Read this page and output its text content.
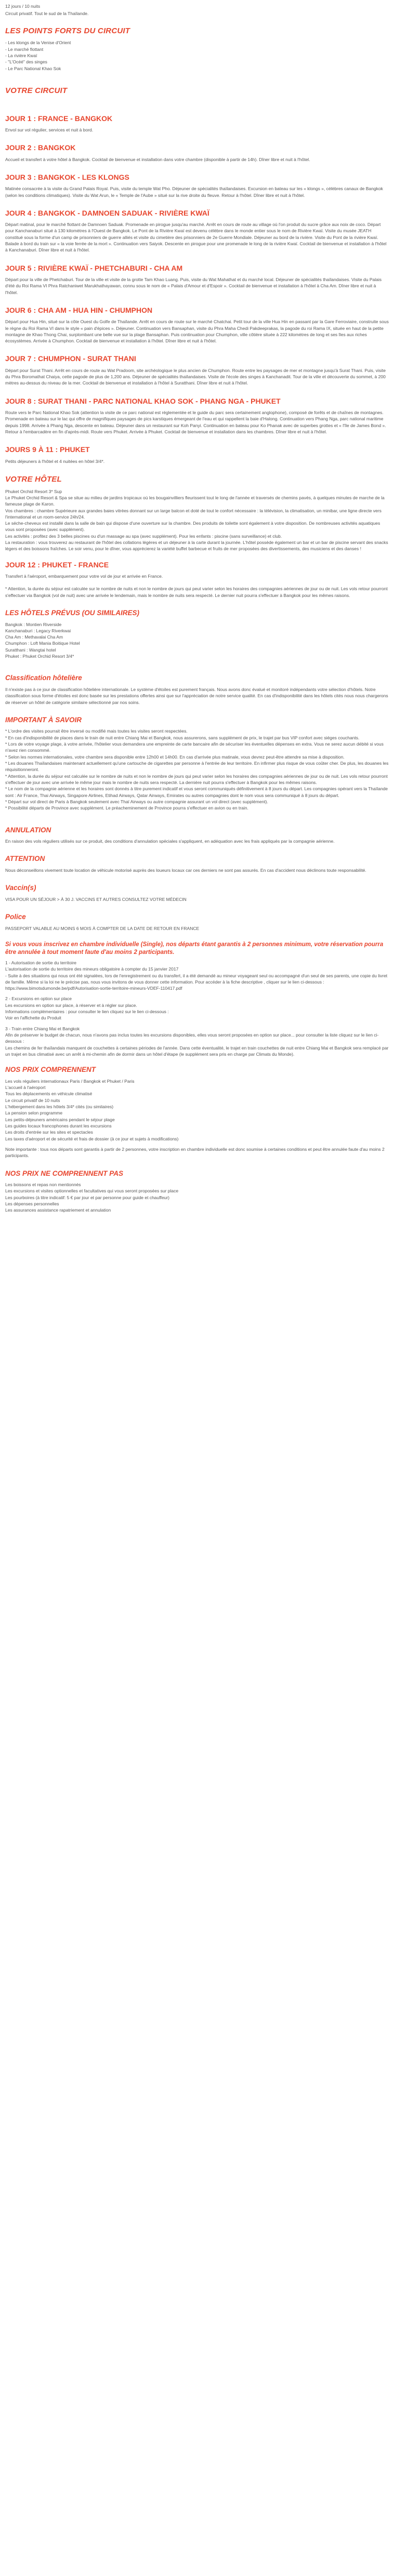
12 jours / 10 nuits

Circuit privatif. Tout le sud de la Thaïlande.

LES POINTS FORTS DU CIRCUIT

- Les klongs de la Venise d'Orient

- Le marché flottant

- La rivière Kwaï

- "L'Océé" des singes

- Le Parc National Khao Sok

VOTRE CIRCUIT
JOUR 1 : FRANCE - BANGKOK

Envol sur vol régulier, services et nuit à bord.

JOUR 2 : BANGKOK

Accueil et transfert à votre hôtel à Bangkok. Cocktail de bienvenue et installation dans votre chambre (disponible à partir de 14h). Dîner libre et nuit à l'hôtel.

JOUR 3 : BANGKOK - LES KLONGS

Matinée consacrée à la visite du Grand Palais Royal. Puis, visite du temple Wat Pho. Déjeuner de spécialités thaïlandaises. Excursion en bateau sur les « klongs », célèbres canaux de Bangkok (selon les conditions climatiques). Visite du Wat Arun, le « Temple de l'Aube » situé sur la rive droite du fleuve. Retour à l'hôtel. Dîner libre et nuit à l'hôtel.

JOUR 4 : BANGKOK - DAMNOEN SADUAK - RIVIÈRE KWAÏ

Départ matinal, pour le marché flottant de Damnoen Saduak. Promenade en pirogue jusqu'au marché. Arrêt en cours de route au village où l'on produit du sucre grâce aux noix de coco. Départ pour Kanchanaburi situé à 130 kilomètres à l'Ouest de Bangkok. Le Pont de la Rivière Kwaï est devenu célèbre dans le monde entier sous le nom de Rivière Kwaï. Visite du musée JEATH constitué sous la forme d'un camp de prisonniers de guerre alliés et visite du cimetière des prisonniers de 2e Guerre Mondiale. Déjeuner au bord de la rivière. Visite du Pont de la rivière Kwaï. Balade à bord du train sur « la voie ferrée de la mort ». Continuation vers Saiyok. Descente en pirogue pour une promenade le long de la rivière Kwaï. Cocktail de bienvenue et installation à l'hôtel à Kanchanaburi. Dîner libre et nuit à l'hôtel.

JOUR 5 : RIVIÈRE KWAÏ - PHETCHABURI - CHA AM

Départ pour la ville de Phetchaburi. Tour de la ville et visite de la grotte Tam Khao Luang. Puis, visite du Wat Mahathat et du marché local. Déjeuner de spécialités thaïlandaises. Visite du Palais d'été du Roi Rama VI Phra Ratchaniwet Marukhathayawan, connu sous le nom de « Palais d'Amour et d'Espoir ». Cocktail de bienvenue et installation à l'hôtel à Cha Am. Dîner libre et nuit à l'hôtel.

JOUR 6 : CHA AM - HUA HIN - CHUMPHON

Départ pour Hua Hin, situé sur la côte Ouest du Golfe de Thaïlande. Arrêt en cours de route sur le marché Chatchai. Petit tour de la ville Hua Hin en passant par la Gare Ferroviaire, construite sous le règne du Roi Rama VI dans le style « pain d'épices ». Déjeuner. Continuation vers Bansaphan, visite du Phra Maha Chedi Pakdeeprakas, la pagode du roi Rama IX, située en haut de la petite montagne de Khao Thong Chai, surplombant une belle vue sur la plage Bansaphan. Puis continuation pour Chumphon, ville côtière située à 222 kilomètres de long et ses îles aux riches écosystèmes. Arrivée à Chumphon. Cocktail de bienvenue et installation à l'hôtel. Dîner libre et nuit à l'hôtel.

JOUR 7 : CHUMPHON - SURAT THANI

Départ pour Surat Thani. Arrêt en cours de route au Wat Pradoom, site archéologique le plus ancien de Chumphon. Route entre les paysages de mer et montagne jusqu'à Surat Thani. Puis, visite du Phra Boromathat Chaiya, cette pagode de plus de 1,200 ans. Déjeuner de spécialités thaïlandaises. Visite de l'école des singes à Kanchanadit. Tour de la ville et découverte du sommet, à 200 mètres au-dessus du niveau de la mer. Cocktail de bienvenue et installation à l'hôtel à Suratthani. Dîner libre et nuit à l'hôtel.

JOUR 8 : SURAT THANI - PARC NATIONAL KHAO SOK - PHANG NGA - PHUKET

Route vers le Parc National Khao Sok (attention la visite de ce parc national est réglementée et le guide du parc sera certainement anglophone), composé de forêts et de chaînes de montagnes. Promenade en bateau sur le lac qui offre de magnifiques paysages de pics karstiques émergeant de l'eau et qui rappellent la baie d'Halong. Continuation vers Phang Nga, parc national maritime depuis 1998. Arrivée à Phang Nga, descente en bateau. Déjeuner dans un restaurant sur Koh Panyi. Continuation en bateau pour Ko Phanak avec de superbes grottes et « l'île de James Bond ». Retour à l'embarcadère en fin d'après-midi. Route vers Phuket. Arrivée à Phuket. Cocktail de bienvenue et installation dans les chambres. Dîner libre et nuit à l'hôtel.

JOURS 9 À 11 : PHUKET

Petits déjeuners à l'hôtel et 4 nuitées en hôtel 3/4*.

VOTRE HÔTEL

Phuket Orchid Resort 3* Sup

Le Phuket Orchid Resort & Spa se situe au milieu de jardins tropicaux où les bougainvilliers fleurissent tout le long de l'année et traversés de chemins pavés, à quelques minutes de marche de la fameuse plage de Karon.

Vos chambres : chambre Supérieure aux grandes baies vitrées donnant sur un large balcon et doté de tout le confort nécessaire : la télévision, la climatisation, un minibar, une ligne directe vers l'international et un room-service 24h/24.

Le séche-cheveux est installé dans la salle de bain qui dispose d'une ouverture sur la chambre. Des produits de toilette sont également à votre disposition. De nombreuses activités aquatiques vous sont proposées (avec supplément).

Les activités : profitez des 3 belles piscines ou d'un massage au spa (avec supplément). Pour les enfants : piscine (sans surveillance) et club.

La restauration : vous trouverez au restaurant de l'hôtel des collations légères et un déjeuner à la carte durant la journée. L'hôtel possède également un bar et un bar de piscine servant des snacks légers et des boissons fraîches. Le soir venu, pour le dîner, vous apprécierez la variété buffet barbecue et fruits de mer proposées des divertissements, des musiciens et des danses !

JOUR 12 : PHUKET - FRANCE

Transfert à l'aéroport, embarquement pour votre vol de jour et arrivée en France.

* Attention, la durée du séjour est calculée sur le nombre de nuits et non le nombre de jours qui peut varier selon les horaires des compagnies aériennes de jour ou de nuit. Les vols retour pourront s'effectuer via Bangkok (vol de nuit) avec une arrivée le lendemain, mais le nombre de nuits sera respecté. Le dernier nuit pourra s'effectuer à Bangkok pour les mêmes raisons.

LES HÔTELS PRÉVUS (OU SIMILAIRES)

Bangkok : Montien Riverside

Kanchanaburi : Legacy Riverkwai

Cha Am : Methavalai Cha Am

Chumphon : Loft Mania Boitique Hotel

Suratthani : Wangtai hotel

Phuket : Phuket Orchid Resort 3/4*

Classification hôtelière

Il n'existe pas à ce jour de classification hôtelière internationale. Le système d'étoiles est purement français. Nous avons donc évalué et monitoré indépendants votre sélection d'hôtels. Notre classification sous forme d'étoiles est donc basée sur les prestations offertes ainsi que sur l'appréciation de notre service qualité. En cas d'indisponibilité dans les hôtels cités nous nous chargerons de réserver un hôtel de catégorie similaire sélectionné par nos soins.

IMPORTANT À SAVOIR

* L'ordre des visites pourrait être inversé ou modifié mais toutes les visites seront respectées.

* En cas d'indisponibilité de places dans le train de nuit entre Chiang Mai et Bangkok, nous assurerons, sans supplément de prix, le trajet par bus VIP confort avec siéges couchants.

* Lors de votre voyage plage, à votre arrivée, l'hôtelier vous demandera une empreinte de carte bancaire afin de sécuriser les éventuelles dépenses en extra. Vous ne serez aucun débité si vous n'avez rien consommé.

* Selon les normes internationales, votre chambre sera disponible entre 12h00 et 14h00. En cas d'arrivée plus matinale, vous devrez peut-être attendre sa mise à disposition.

* Les douanes Thaïlandaises maintenant actuellement qu'une cartouche de cigarettes par personne à l'entrée de leur territoire. En infirmer plus risque de vous coûter cher. De plus, les douanes les réquisitionneront.

* Attention, la durée du séjour est calculée sur le nombre de nuits et non le nombre de jours qui peut varier selon les horaires des compagnies aériennes de jour ou de nuit. Les vols retour pourront s'effectuer de jour avec une arrivée le même jour mais le nombre de nuits sera respecté. La dernière nuit pourra s'effectuer à Bangkok pour les mêmes raisons.

* Le nom de la compagnie aérienne et les horaires sont donnés à titre purement indicatif et vous seront communiqués définitivement à 8 jours du départ. Les compagnies opérant vers la Thaïlande sont : Air France, Thai Airways, Singapore Airlines, Etihad Airways, Qatar Airways, Emirates ou autres compagnies dont le nom vous sera communiqué à 8 jours du départ.

* Départ sur vol direct de Paris à Bangkok seulement avec Thaï Airways ou autre compagnie assurant un vol direct (avec supplément).

* Possibilité départs de Province avec supplément. Le préacheminement de Province pourra s'effectuer en avion ou en train.

ANNULATION

En raison des vols réguliers utilisés sur ce produit, des conditions d'annulation spéciales s'appliquent, en adéquation avec les frais appliqués par la compagnie aérienne.

ATTENTION

Nous déconseillons vivement toute location de véhicule motorisé auprès des loueurs locaux car ces derniers ne sont pas assurés. En cas d'accident nous déclinons toute responsabilité.

Vaccin(s)

VISA POUR UN SÉJOUR > À 30 J. VACCINS ET AUTRES CONSULTEZ VOTRE MÉDECIN

Police

PASSEPORT VALABLE AU MOINS 6 MOIS À COMPTER DE LA DATE DE RETOUR EN FRANCE

Si vous vous inscrivez en chambre individuelle (Single), nos départs étant garantis à 2 personnes minimum, votre réservation pourra être annulée à tout moment faute d'au moins 2 participants.

1 - Autorisation de sortie du territoire

L'autorisation de sortie du territoire des mineurs obligatoire à compter du 15 janvier 2017

- Suite à des situations qui nous ont été signalées, lors de l'enregistrement ou du transfert, il a été demandé au mineur voyageant seul ou accompagné d'un seul de ses parents, une copie du livret de famille. Même si la loi ne le précise pas, nous vous invitons de vous donner cette information. Pour accéder à la fiche descriptive , cliquer sur le lien ci-dessous : https://www.bimotsdumonde.be/pdf/Autorisation-sortie-territoire-mineurs-VDEF-110417.pdf

2 - Excursions en option sur place

Les excursions en option sur place, à réserver et à régler sur place.

Informations complémentaires : pour consulter le lien cliquez sur le lien ci-dessous :

Voir en l'affichette du Produit

3 - Train entre Chiang Mai et Bangkok

Afin de préserver le budget de chacun, nous n'avons pas inclus toutes les excursions disponibles, elles vous seront proposées en option sur place... pour consulter la liste cliquez sur le lien ci-dessous :

Les chemins de fer thaïlandais manquent de couchettes à certaines périodes de l'année. Dans cette éventualité, le trajet en train couchettes de nuit entre Chiang Mai et Bangkok sera remplacé par un trajet en bus climatisé avec un arrêt à mi-chemin afin de dormir dans un hôtel d'étape (le supplément sera pris en charge par Climats du Monde).

NOS PRIX COMPRENNENT

Les vols réguliers internationaux Paris / Bangkok et Phuket / Paris

L'accueil à l'aéroport

Tous les déplacements en véhicule climatisé

Le circuit privatif de 10 nuits

L'hébergement dans les hôtels 3/4* cités (ou similaires)

La pension selon programme

Les petits-déjeuners américains pendant le séjour plage

Les guides locaux francophones durant les excursions

Les droits d'entrée sur les sites et spectacles

Les taxes d'aéroport et de sécurité et frais de dossier (à ce jour et sujets à modifications)

Note importante : tous nos départs sont garantis à partir de 2 personnes, votre inscription en chambre individuelle est donc soumise à certaines conditions et peut être annulée faute d'au moins 2 participants.

NOS PRIX NE COMPRENNENT PAS

Les boissons et repas non mentionnés

Les excursions et visites optionnelles et facultatives qui vous seront proposées sur place

Les pourboires (à titre indicatif: 5 € par jour et par personne pour guide et chauffeur)

Les dépenses personnelles

Les assurances assistance rapatriement et annulation
